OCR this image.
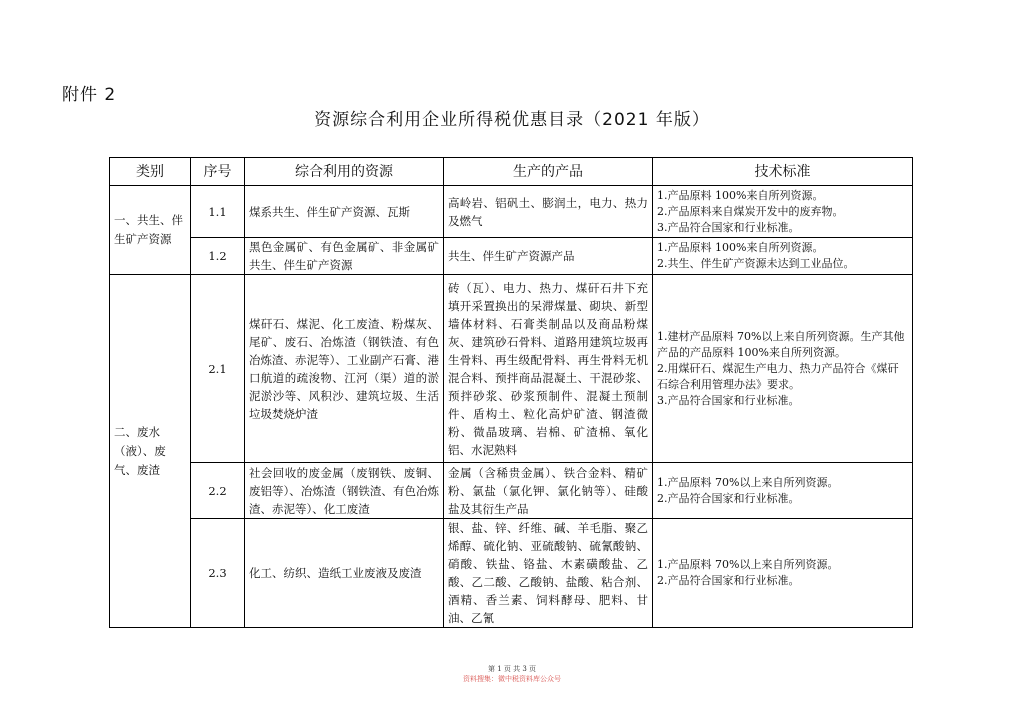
附件 2
资源综合利用企业所得税优惠目录（2021 年版）
类别	序号	综合利用的资源	生产的产品	技术标准
一、共生、伴生矿产资源	1.1	煤系共生、伴生矿产资源、瓦斯	高岭岩、铝矾土、膨润土，电力、热力及燃气	1.产品原料 100%来自所列资源。
2.产品原料来自煤炭开发中的废弃物。
3.产品符合国家和行业标准。

	1.2	黑色金属矿、有色金属矿、非金属矿共生、伴生矿产资源	共生、伴生矿产资源产品	1.产品原料 100%来自所列资源。
2.共生、伴生矿产资源未达到工业品位。

二、废水（液）、废气、废渣	2.1	煤矸石、煤泥、化工废渣、粉煤灰、尾矿、废石、冶炼渣（钢铁渣、有色冶炼渣、赤泥等）、工业副产石膏、港口航道的疏浚物、江河（渠）道的淤泥淤沙等、风积沙、建筑垃圾、生活垃圾焚烧炉渣	砖（瓦）、电力、热力、煤矸石井下充填开采置换出的呆滞煤量、砌块、新型墙体材料、石膏类制品以及商品粉煤灰、建筑砂石骨料、道路用建筑垃圾再生骨料、再生级配骨料、再生骨料无机混合料、预拌商品混凝土、干混砂浆、预拌砂浆、砂浆预制件、混凝土预制件、盾构土、粒化高炉矿渣、钢渣微粉、微晶玻璃、岩棉、矿渣棉、氧化铝、水泥熟料	1.建材产品原料 70%以上来自所列资源。生产其他产品的产品原料 100%来自所列资源。
2.用煤矸石、煤泥生产电力、热力产品符合《煤矸石综合利用管理办法》要求。
3.产品符合国家和行业标准。

	2.2	社会回收的废金属（废钢铁、废铜、废铝等）、冶炼渣（钢铁渣、有色冶炼渣、赤泥等）、化工废渣	金属（含稀贵金属）、铁合金料、精矿粉、氯盐（氯化钾、氯化钠等）、硅酸盐及其衍生产品	1.产品原料 70%以上来自所列资源。
2.产品符合国家和行业标准。

	2.3	化工、纺织、造纸工业废液及废渣	银、盐、锌、纤维、碱、羊毛脂、聚乙烯醇、硫化钠、亚硫酸钠、硫氰酸钠、硝酸、铁盐、铬盐、木素磺酸盐、乙酸、乙二酸、乙酸钠、盐酸、粘合剂、酒精、香兰素、饲料酵母、肥料、甘油、乙氰	1.产品原料 70%以上来自所列资源。
2.产品符合国家和行业标准。
第 1 页 共 3 页
资料搜集：微中税资料库公众号
